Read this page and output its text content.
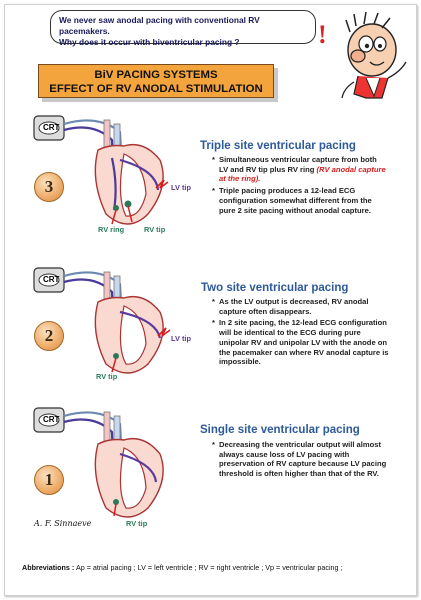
We never saw anodal pacing with conventional RV pacemakers.
Why does it occur with biventricular pacing ?	!
BiV PACING SYSTEMS
EFFECT OF RV ANODAL STIMULATION
CRT
3	LV tip
RV ring	RV tip
Triple site ventricular pacing
* Simultaneous ventricular capture from both LV and RV tip plus RV ring (RV anodal capture at the ring).
* Triple pacing produces a 12-lead ECG configuration somewhat different from the pure 2 site pacing without anodal capture.
CRT
2	LV tip
RV tip
Two site ventricular pacing
* As the LV output is decreased, RV anodal capture often disappears.
* In 2 site pacing, the 12-lead ECG configuration will be identical to the ECG during pure unipolar RV and unipolar LV with the anode on the pacemaker can where RV anodal capture is impossible.
CRT
1
RV tip
A. F. Sinnaeve
Single site ventricular pacing
* Decreasing the ventricular output will almost always cause loss of LV pacing with preservation of RV capture because LV pacing threshold is often higher than that of the RV.
Abbreviations : Ap = atrial pacing ; LV = left ventricle ; RV = right ventricle ; Vp = ventricular pacing ;
